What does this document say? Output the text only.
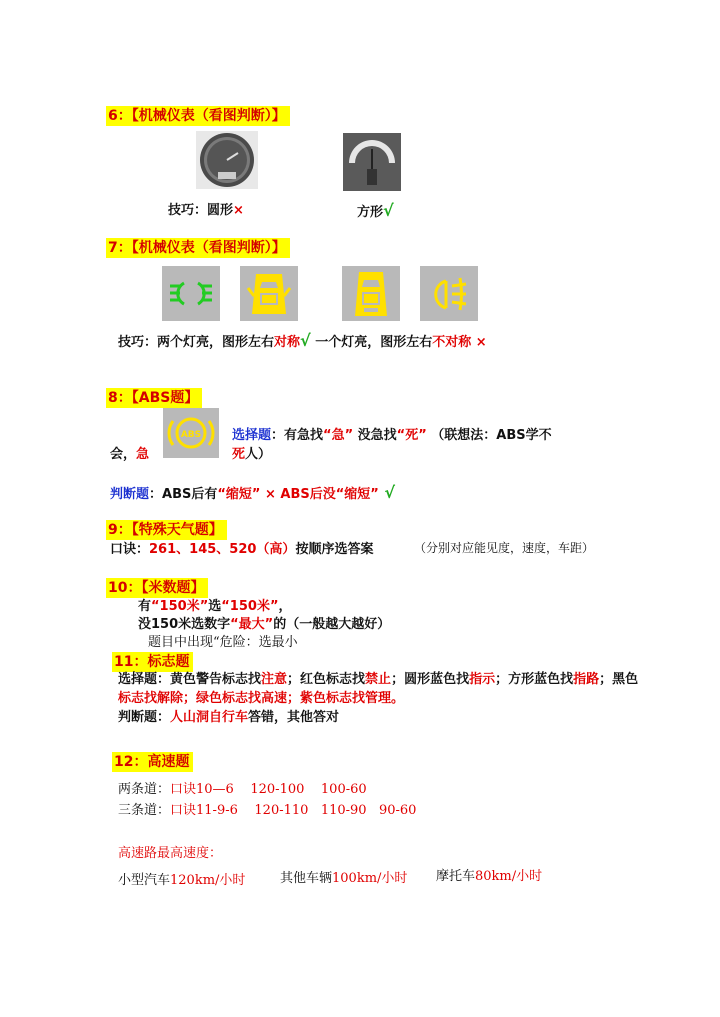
6：【机械仪表（看图判断）】
技巧：圆形×	方形√
7：【机械仪表（看图判断）】
技巧：两个灯亮，图形左右对称√ 一个灯亮，图形左右不对称 ×
8：【ABS题】
ABS 选择题：有急找“急” 没急找“死” （联想法：ABS学不
会，急	死人）
判断题：ABS后有“缩短” × ABS后没“缩短” √
9：【特殊天气题】
口诀：261、145、520（高）按顺序选答案	（分别对应能见度，速度，车距）
10：【米数题】
有“150米”选“150米”，
没150米选数字“最大”的（一般越大越好）
题目中出现“危险：选最小
11：标志题
选择题：黄色警告标志找注意；红色标志找禁止；圆形蓝色找指示；方形蓝色找指路；黑色
标志找解除；绿色标志找高速；紫色标志找管理。
判断题：人山洞自行车答错，其他答对
12：高速题
两条道：口诀10—6    120-100    100-60
三条道：口诀11-9-6    120-110   110-90   90-60
高速路最高速度：
小型汽车120km/小时	其他车辆100km/小时 摩托车80km/小时
